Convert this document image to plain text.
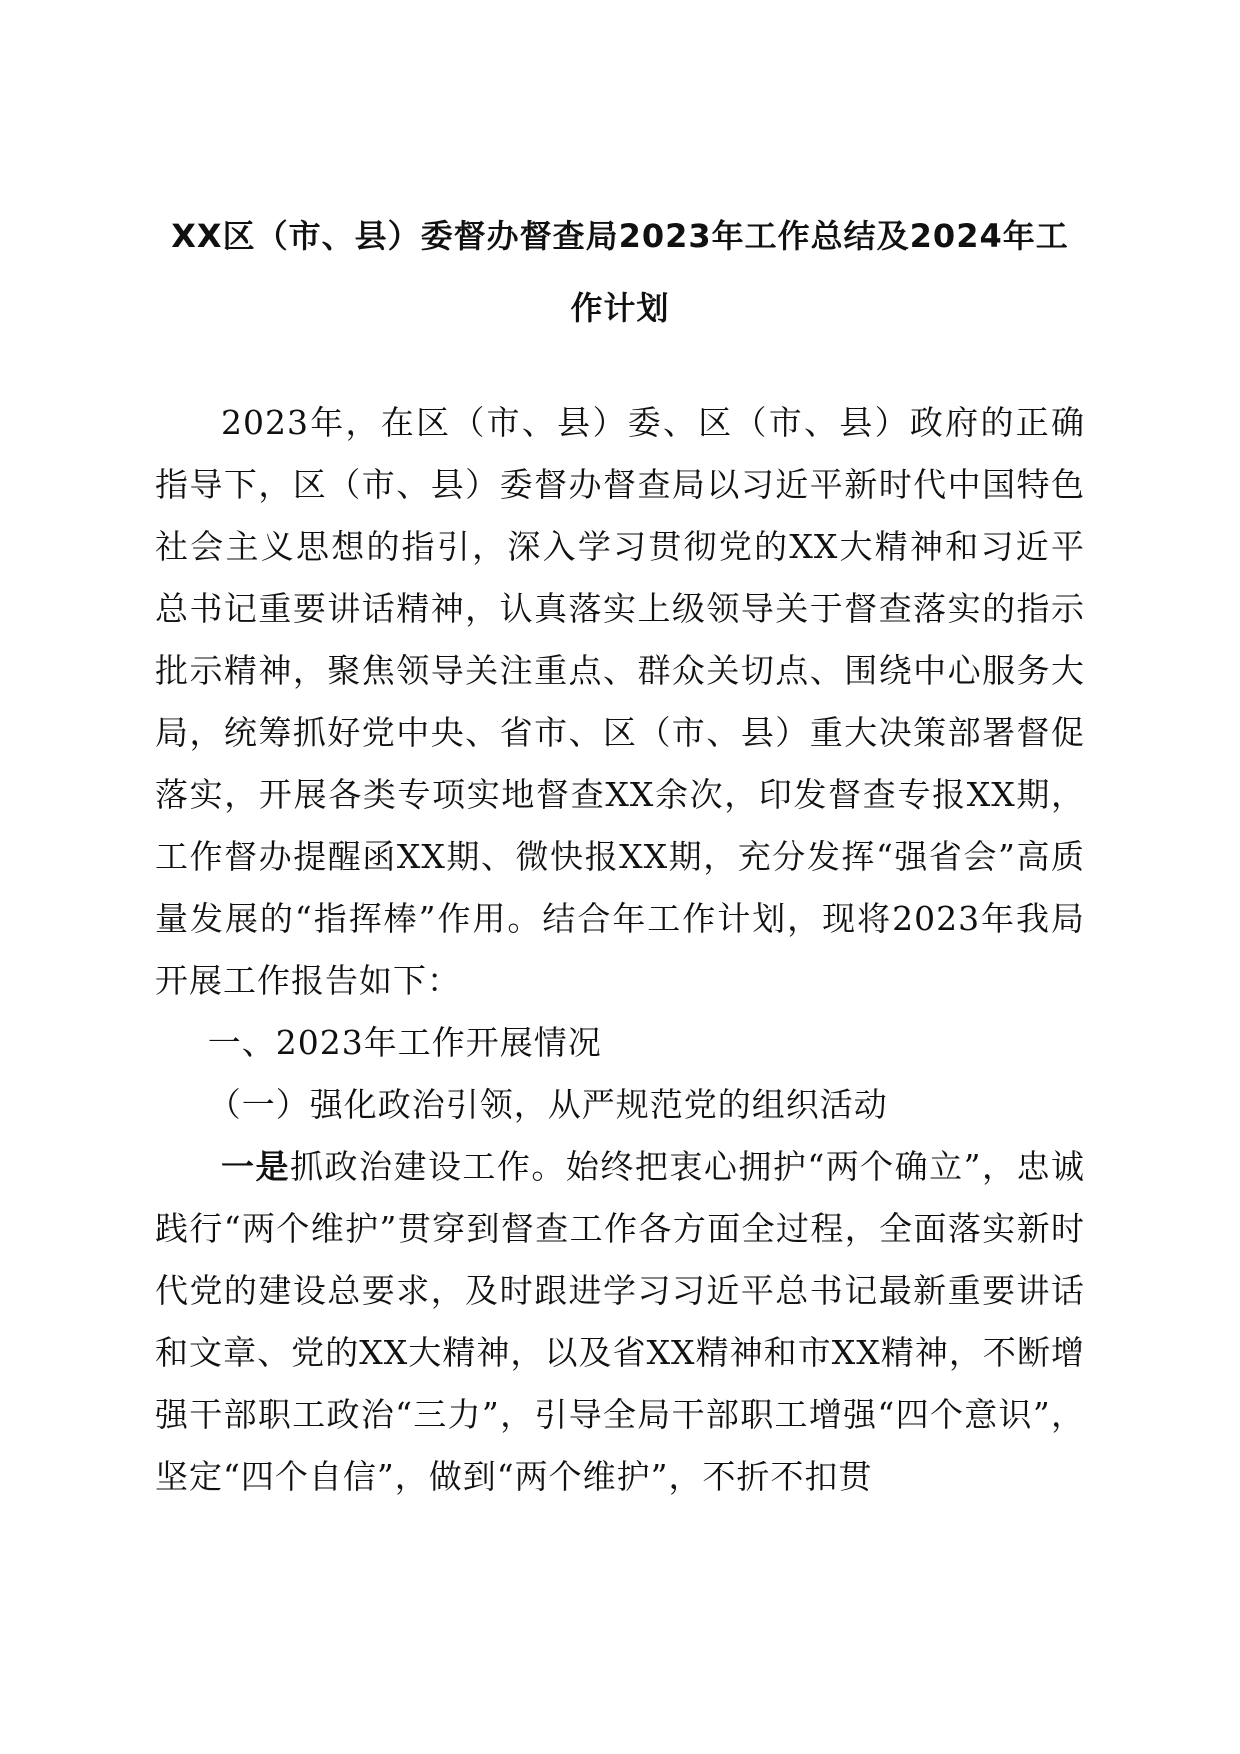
XX区（市、县）委督办督查局2023年工作总结及2024年工作计划

2023年，在区（市、县）委、区（市、县）政府的正确指导下，区（市、县）委督办督查局以习近平新时代中国特色社会主义思想的指引，深入学习贯彻党的XX大精神和习近平总书记重要讲话精神，认真落实上级领导关于督查落实的指示批示精神，聚焦领导关注重点、群众关切点、围绕中心服务大局，统筹抓好党中央、省市、区（市、县）重大决策部署督促落实，开展各类专项实地督查XX余次，印发督查专报XX期，工作督办提醒函XX期、微快报XX期，充分发挥“强省会”高质量发展的“指挥棒”作用。结合年工作计划，现将2023年我局开展工作报告如下：

一、2023年工作开展情况

（一）强化政治引领，从严规范党的组织活动

一是抓政治建设工作。始终把衷心拥护“两个确立”，忠诚践行“两个维护”贯穿到督查工作各方面全过程，全面落实新时代党的建设总要求，及时跟进学习习近平总书记最新重要讲话和文章、党的XX大精神，以及省XX精神和市XX精神，不断增强干部职工政治“三力”，引导全局干部职工增强“四个意识”，坚定“四个自信”，做到“两个维护”，不折不扣贯
